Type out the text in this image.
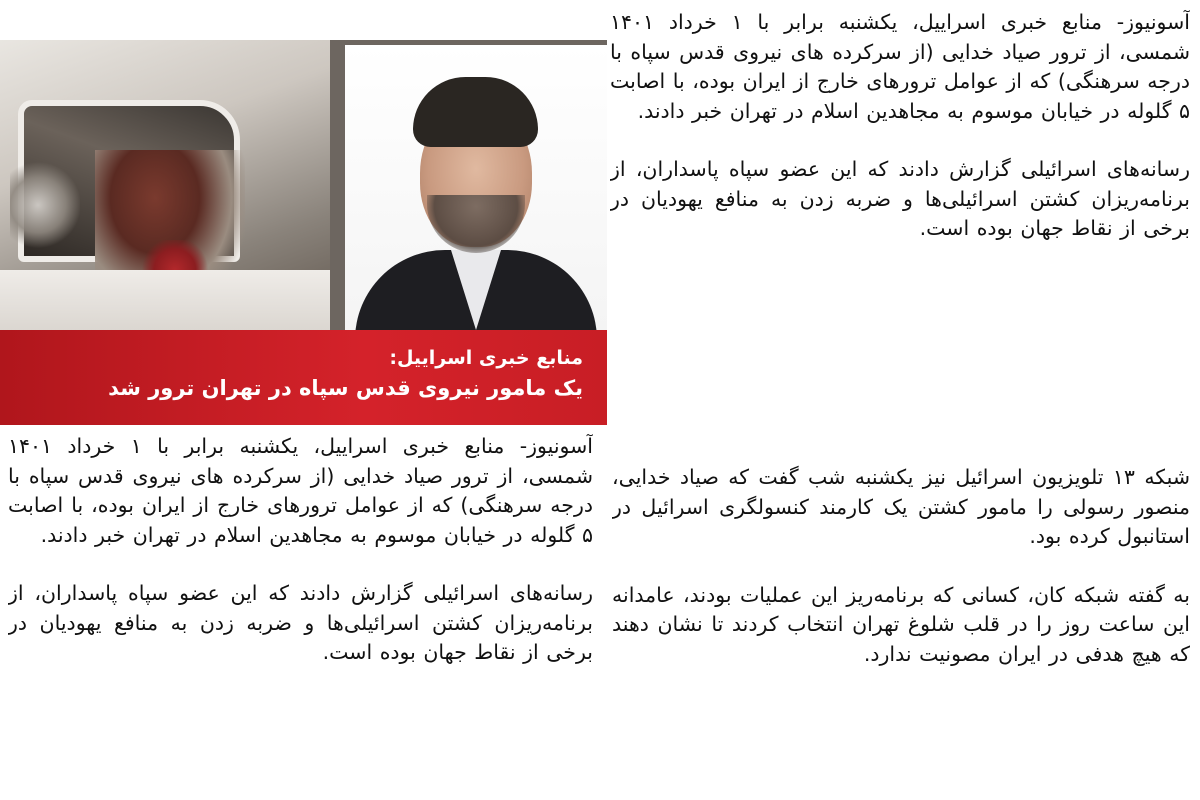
منابع خبری اسراییل:
یک مامور نیروی قدس سپاه در تهران ترور شد

آسونیوز- منابع خبری اسراییل، یکشنبه برابر با ۱ خرداد ۱۴۰۱ شمسی، از ترور صیاد خدایی (از سرکرده های نیروی قدس سپاه با درجه سرهنگی) که از عوامل ترورهای خارج از ایران بوده، با اصابت ۵ گلوله در خیابان موسوم به مجاهدین اسلام در تهران خبر دادند.

رسانه‌های اسرائیلی گزارش دادند که این عضو سپاه پاسداران، از برنامه‌ریزان کشتن اسرائیلی‌ها و ضربه زدن به منافع یهودیان در برخی از نقاط جهان بوده است.

آسونیوز- منابع خبری اسراییل، یکشنبه برابر با ۱ خرداد ۱۴۰۱ شمسی، از ترور صیاد خدایی (از سرکرده های نیروی قدس سپاه با درجه سرهنگی) که از عوامل ترورهای خارج از ایران بوده، با اصابت ۵ گلوله در خیابان موسوم به مجاهدین اسلام در تهران خبر دادند.

رسانه‌های اسرائیلی گزارش دادند که این عضو سپاه پاسداران، از برنامه‌ریزان کشتن اسرائیلی‌ها و ضربه زدن به منافع یهودیان در برخی از نقاط جهان بوده است.

شبکه ۱۳ تلویزیون اسرائیل نیز یکشنبه شب گفت که صیاد خدایی، منصور رسولی را مامور کشتن یک کارمند کنسولگری اسرائیل در استانبول کرده بود.

به گفته شبکه کان، کسانی که برنامه‌ریز این عملیات بودند، عامدانه این ساعت روز را در قلب شلوغ تهران انتخاب کردند تا نشان دهند که هیچ هدفی در ایران مصونیت ندارد.
